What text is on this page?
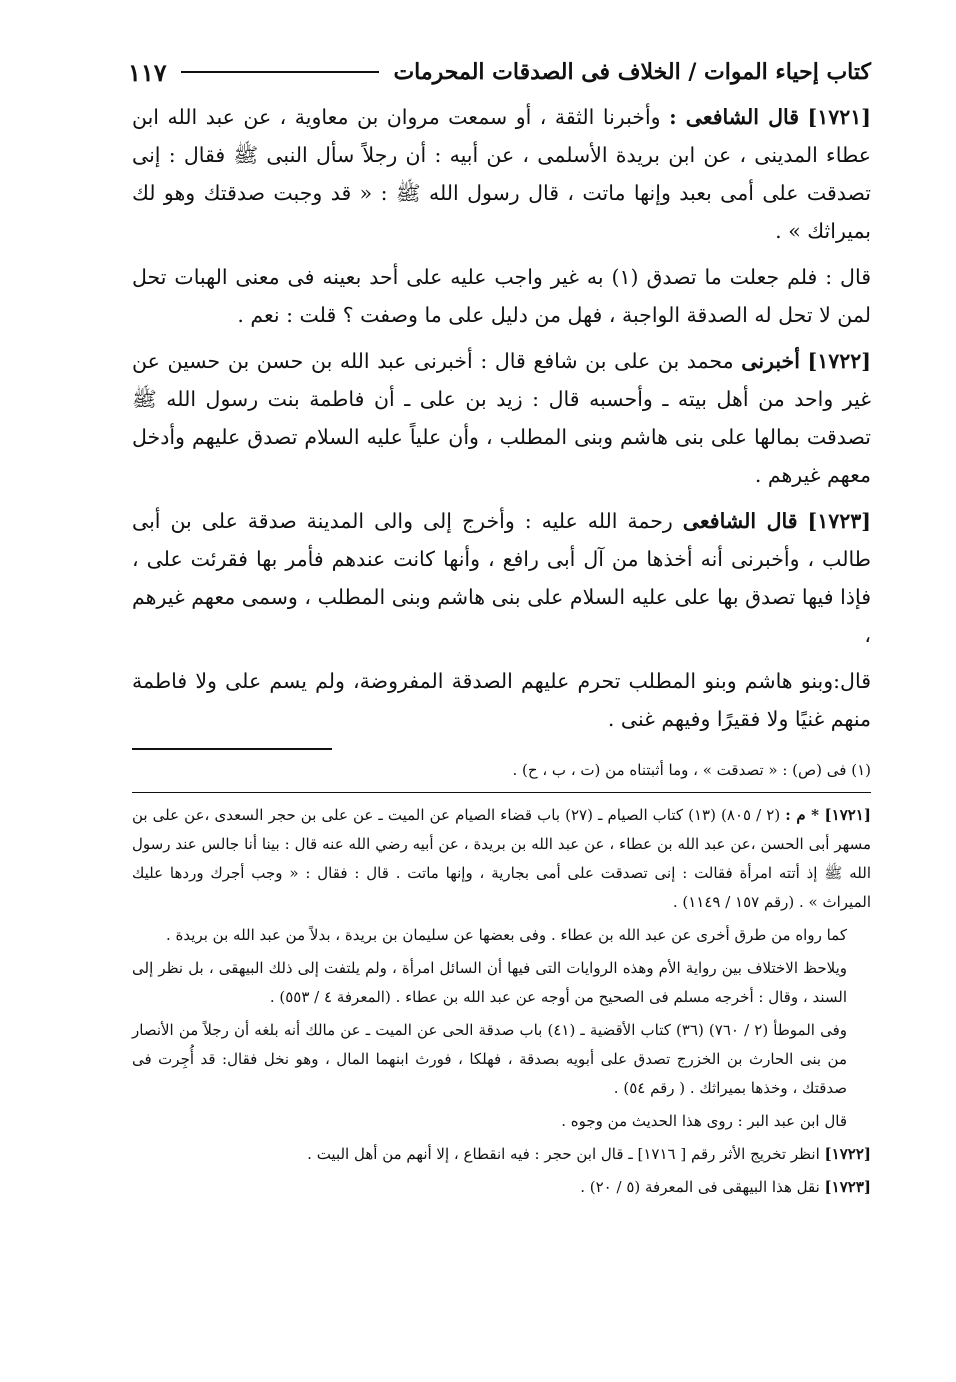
كتاب إحياء الموات / الخلاف فى الصدقات المحرمات
١١٧

[١٧٢١] قال الشافعى : وأخبرنا الثقة ، أو سمعت مروان بن معاوية ، عن عبد الله ابن عطاء المدينى ، عن ابن بريدة الأسلمى ، عن أبيه : أن رجلاً سأل النبى ﷺ فقال : إنى تصدقت على أمى بعبد وإنها ماتت ، قال رسول الله ﷺ : « قد وجبت صدقتك وهو لك بميراثك » .

قال : فلم جعلت ما تصدق (١) به غير واجب عليه على أحد بعينه فى معنى الهبات تحل لمن لا تحل له الصدقة الواجبة ، فهل من دليل على ما وصفت ؟ قلت : نعم .

[١٧٢٢] أخبرنى محمد بن على بن شافع قال : أخبرنى عبد الله بن حسن بن حسين عن غير واحد من أهل بيته ـ وأحسبه قال : زيد بن على ـ أن فاطمة بنت رسول الله ﷺ تصدقت بمالها على بنى هاشم وبنى المطلب ، وأن علياً عليه السلام تصدق عليهم وأدخل معهم غيرهم .

[١٧٢٣] قال الشافعى رحمة الله عليه : وأخرج إلى والى المدينة صدقة على بن أبى طالب ، وأخبرنى أنه أخذها من آل أبى رافع ، وأنها كانت عندهم فأمر بها فقرئت على ، فإذا فيها تصدق بها على عليه السلام على بنى هاشم وبنى المطلب ، وسمى معهم غيرهم ،

قال:وبنو هاشم وبنو المطلب تحرم عليهم الصدقة المفروضة، ولم يسم على ولا فاطمة منهم غنيًا ولا فقيرًا وفيهم غنى .

(١) فى (ص) : « تصدقت » ، وما أثبتناه من (ت ، ب ، ح) .

[١٧٢١] * م : (٢ / ٨٠٥) (١٣) كتاب الصيام ـ (٢٧) باب قضاء الصيام عن الميت ـ عن على بن حجر السعدى ،عن على بن مسهر أبى الحسن ،عن عبد الله بن عطاء ، عن عبد الله بن بريدة ، عن أبيه رضي الله عنه قال : بينا أنا جالس عند رسول الله ﷺ إذ أتته امرأة فقالت : إنى تصدقت على أمى بجارية ، وإنها ماتت . قال : فقال : « وجب أجرك وردها عليك الميراث » . (رقم ١٥٧ / ١١٤٩) .

كما رواه من طرق أخرى عن عبد الله بن عطاء . وفى بعضها عن سليمان بن بريدة ، بدلاً من عبد الله بن بريدة .

ويلاحظ الاختلاف بين رواية الأم وهذه الروايات التى فيها أن السائل امرأة ، ولم يلتفت إلى ذلك البيهقى ، بل نظر إلى السند ، وقال : أخرجه مسلم فى الصحيح من أوجه عن عبد الله بن عطاء . (المعرفة ٤ / ٥٥٣) .

وفى الموطأ (٢ / ٧٦٠) (٣٦) كتاب الأقضية ـ (٤١) باب صدقة الحى عن الميت ـ عن مالك أنه بلغه أن رجلاً من الأنصار من بنى الحارث بن الخزرج تصدق على أبويه بصدقة ، فهلكا ، فورث ابنهما المال ، وهو نخل فقال: قد أُجِرت فى صدقتك ، وخذها بميراثك . ( رقم ٥٤) .

قال ابن عبد البر : روى هذا الحديث من وجوه .

[١٧٢٢] انظر تخريج الأثر رقم [ ١٧١٦] ـ قال ابن حجر : فيه انقطاع ، إلا أنهم من أهل البيت .

[١٧٢٣] نقل هذا البيهقى فى المعرفة (٥ / ٢٠) .
